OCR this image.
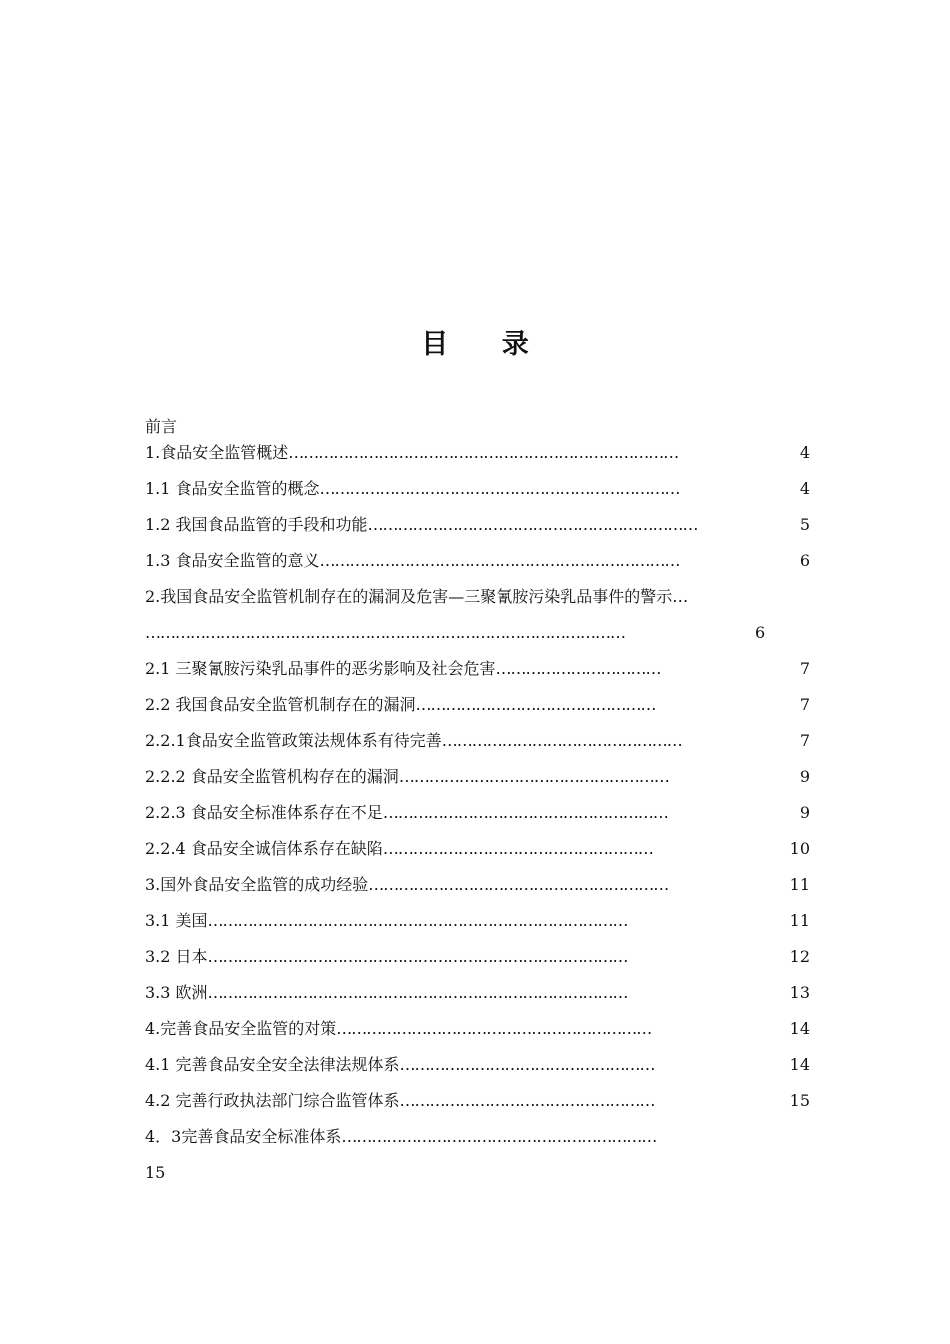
目 录
前言
1.食品安全监管概述 ……………………………………………………………………	4
1.1 食品安全监管的概念 ………………………………………………………………	4
1.2 我国食品监管的手段和功能 …………………………………………………………	5
1.3 食品安全监管的意义 ………………………………………………………………	6
2.我国食品安全监管机制存在的漏洞及危害—三聚氰胺污染乳品事件的警示…
……………………………………………………………………………………	6
2.1 三聚氰胺污染乳品事件的恶劣影响及社会危害 ……………………………	7
2.2 我国食品安全监管机制存在的漏洞 …………………………………………	7
2.2.1食品安全监管政策法规体系有待完善 …………………………………………	7
2.2.2 食品安全监管机构存在的漏洞 ………………………………………………	9
2.2.3 食品安全标准体系存在不足 …………………………………………………	9
2.2.4 食品安全诚信体系存在缺陷 ………………………………………………	10
3.国外食品安全监管的成功经验 ……………………………………………………	11
3.1 美国 …………………………………………………………………………	11
3.2 日本 …………………………………………………………………………	12
3.3 欧洲 …………………………………………………………………………	13
4.完善食品安全监管的对策 ………………………………………………………	14
4.1 完善食品安全安全法律法规体系 ……………………………………………	14
4.2 完善行政执法部门综合监管体系 ……………………………………………	15
4．3完善食品安全标准体系 ………………………………………………………
15
